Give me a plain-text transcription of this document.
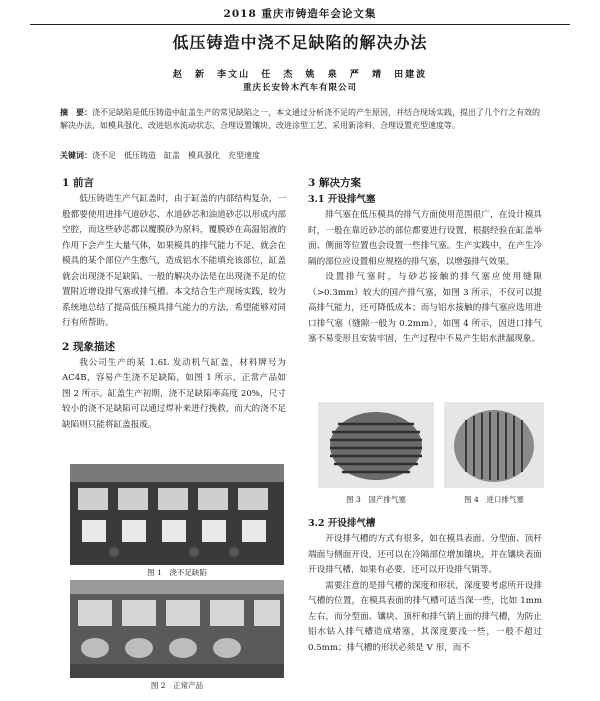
2018 重庆市铸造年会论文集
低压铸造中浇不足缺陷的解决办法
赵 新 李文山 任 杰 姚 泉 严 靖 田建波
重庆长安铃木汽车有限公司
摘　要：浇不足缺陷是低压铸造中缸盖生产的常见缺陷之一，本文通过分析浇不足的产生原因，并结合现场实践，提出了几个行之有效的解决办法，如模具强化、改进铝水流动状态、合理设置镶块、改进涂型工艺、采用新涂料、合理设置充型速度等。
关键词：浇不足　低压铸造　缸盖　模具强化　充型速度
1 前言

低压铸造生产气缸盖时，由于缸盖的内部结构复杂，一般都要使用进排气道砂芯、水道砂芯和油道砂芯以形成内部空腔，而这些砂芯都以覆膜砂为原料，覆膜砂在高温铝液的作用下会产生大量气体，如果模具的排气能力不足，就会在模具的某个部位产生憋气，造成铝水不能填充该部位，缸盖就会出现浇不足缺陷。一般的解决办法是在出现浇不足的位置附近增设排气塞或排气槽。本文结合生产现场实践，较为系统地总结了提高低压模具排气能力的方法，希望能够对同行有所帮助。

2 现象描述

我公司生产的某 1.6L 发动机气缸盖，材料牌号为 AC4B，容易产生浇不足缺陷，如图 1 所示，正常产品如图 2 所示。缸盖生产初期，浇不足缺陷率高度 20%，尺寸较小的浇不足缺陷可以通过焊补来进行挽救，而大的浇不足缺陷则只能将缸盖报废。

图 1　浇不足缺陷
图 2　正常产品
3 解决方案
3.1 开设排气塞

排气塞在低压模具的排气方面使用范围很广，在设计模具时，一般在靠近砂芯的部位都要进行设置，根据经验在缸盖举面、侧面等位置也会设置一些排气塞。生产实践中，在产生冷隔的部位应设置相应规格的排气塞，以增强排气效果。

设置排气塞时，与砂芯接触的排气塞应使用缝隙（>0.3mm）较大的国产排气塞，如图 3 所示，不仅可以提高排气能力，还可降低成本；而与铝水接触的排气塞应选用进口排气塞（缝隙一般为 0.2mm），如图 4 所示，因进口排气塞不易变形且安装牢固，生产过程中不易产生铝水泄漏现象。

图 3　国产排气塞	图 4　进口排气塞
3.2 开设排气槽

开设排气槽的方式有很多，如在模具表面、分型面、顶杆端面与侧面开设，还可以在冷隔部位增加镶块，并在镶块表面开设排气槽，如果有必要，还可以开设排气销等。

需要注意的是排气槽的深度和形状，深度要考虑所开设排气槽的位置，在模具表面的排气槽可适当深一些，比如 1mm 左右，而分型面、镶块、顶杆和排气销上面的排气槽，为防止铝水钻入排气槽造成堵塞，其深度要浅一些，一般不超过 0.5mm；排气槽的形状必须是 V 形，而不
